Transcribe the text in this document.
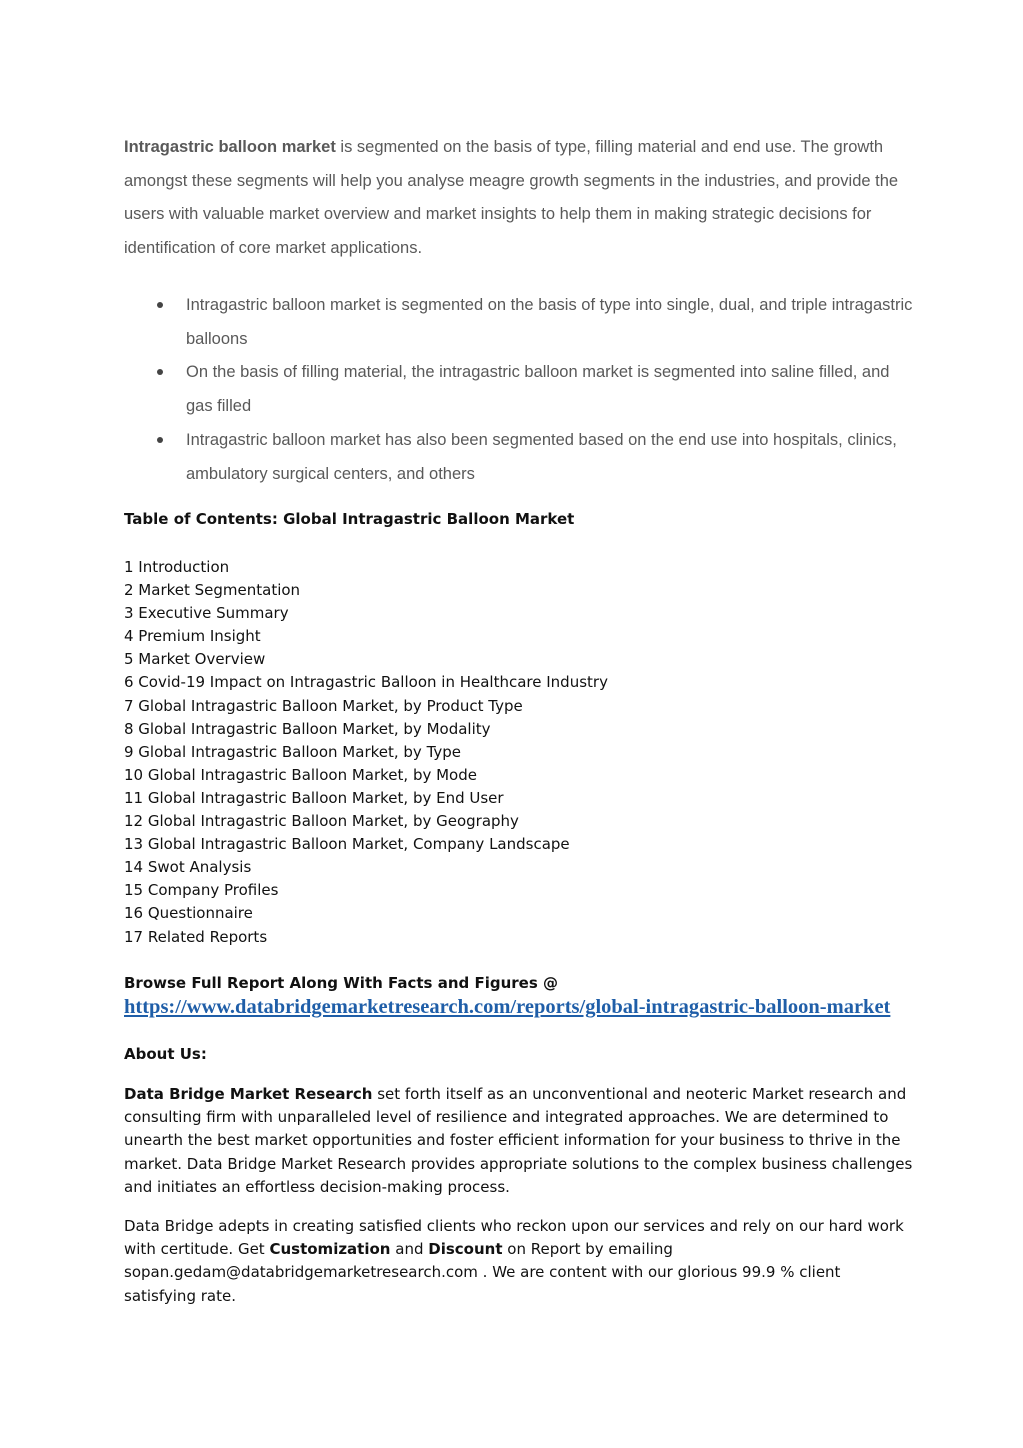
Intragastric balloon market is segmented on the basis of type, filling material and end use. The growth amongst these segments will help you analyse meagre growth segments in the industries, and provide the users with valuable market overview and market insights to help them in making strategic decisions for identification of core market applications.

Intragastric balloon market is segmented on the basis of type into single, dual, and triple intragastric balloons
On the basis of filling material, the intragastric balloon market is segmented into saline filled, and gas filled
Intragastric balloon market has also been segmented based on the end use into hospitals, clinics, ambulatory surgical centers, and others

Table of Contents: Global Intragastric Balloon Market

1 Introduction
2 Market Segmentation
3 Executive Summary
4 Premium Insight
5 Market Overview
6 Covid-19 Impact on Intragastric Balloon in Healthcare Industry
7 Global Intragastric Balloon Market, by Product Type
8 Global Intragastric Balloon Market, by Modality
9 Global Intragastric Balloon Market, by Type
10 Global Intragastric Balloon Market, by Mode
11 Global Intragastric Balloon Market, by End User
12 Global Intragastric Balloon Market, by Geography
13 Global Intragastric Balloon Market, Company Landscape
14 Swot Analysis
15 Company Profiles
16 Questionnaire
17 Related Reports

Browse Full Report Along With Facts and Figures @

https://www.databridgemarketresearch.com/reports/global-intragastric-balloon-market

About Us:

Data Bridge Market Research set forth itself as an unconventional and neoteric Market research and consulting firm with unparalleled level of resilience and integrated approaches. We are determined to unearth the best market opportunities and foster efficient information for your business to thrive in the market. Data Bridge Market Research provides appropriate solutions to the complex business challenges and initiates an effortless decision-making process.

Data Bridge adepts in creating satisfied clients who reckon upon our services and rely on our hard work with certitude. Get Customization and Discount on Report by emailing sopan.gedam@databridgemarketresearch.com . We are content with our glorious 99.9 % client satisfying rate.
